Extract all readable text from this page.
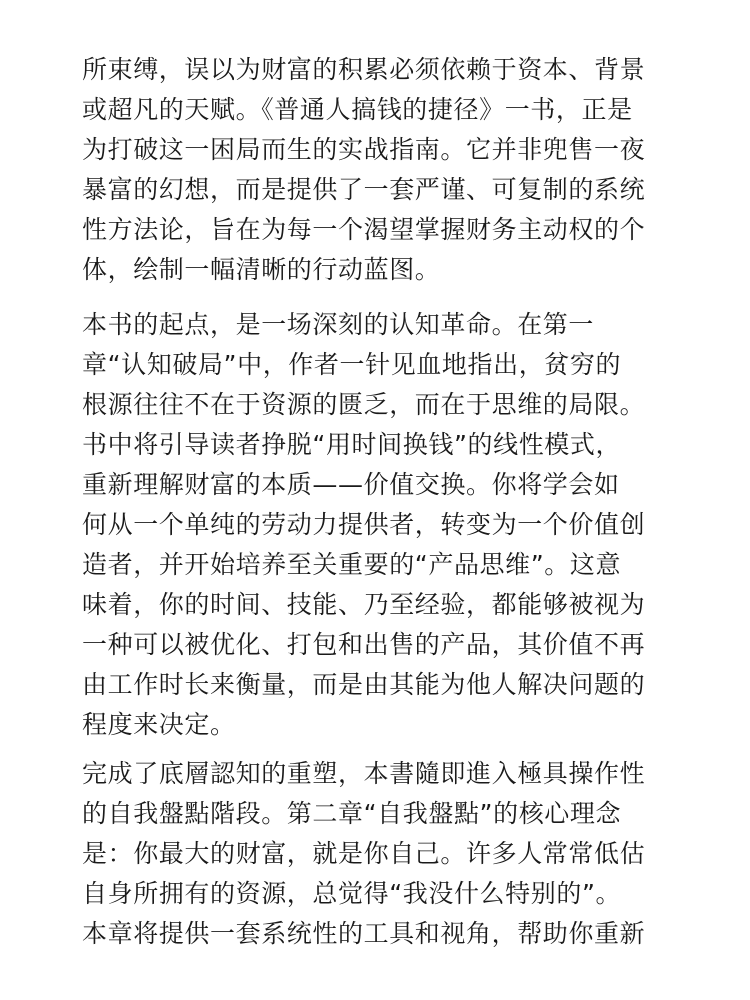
所束缚，误以为财富的积累必须依赖于资本、背景
或超凡的天赋。《普通人搞钱的捷径》一书，正是
为打破这一困局而生的实战指南。它并非兜售一夜
暴富的幻想，而是提供了一套严谨、可复制的系统
性方法论，旨在为每一个渴望掌握财务主动权的个
体，绘制一幅清晰的行动蓝图。
本书的起点，是一场深刻的认知革命。在第一
章“认知破局”中，作者一针见血地指出，贫穷的
根源往往不在于资源的匮乏，而在于思维的局限。
书中将引导读者挣脱“用时间换钱”的线性模式，
重新理解财富的本质——价值交换。你将学会如
何从一个单纯的劳动力提供者，转变为一个价值创
造者，并开始培养至关重要的“产品思维”。这意
味着，你的时间、技能、乃至经验，都能够被视为
一种可以被优化、打包和出售的产品，其价值不再
由工作时长来衡量，而是由其能为他人解决问题的
程度来决定。
完成了底層認知的重塑，本書隨即進入極具操作性
的自我盤點階段。第二章“自我盤點”的核心理念
是：你最大的财富，就是你自己。许多人常常低估
自身所拥有的资源，总觉得“我没什么特别的”。
本章将提供一套系统性的工具和视角，帮助你重新
